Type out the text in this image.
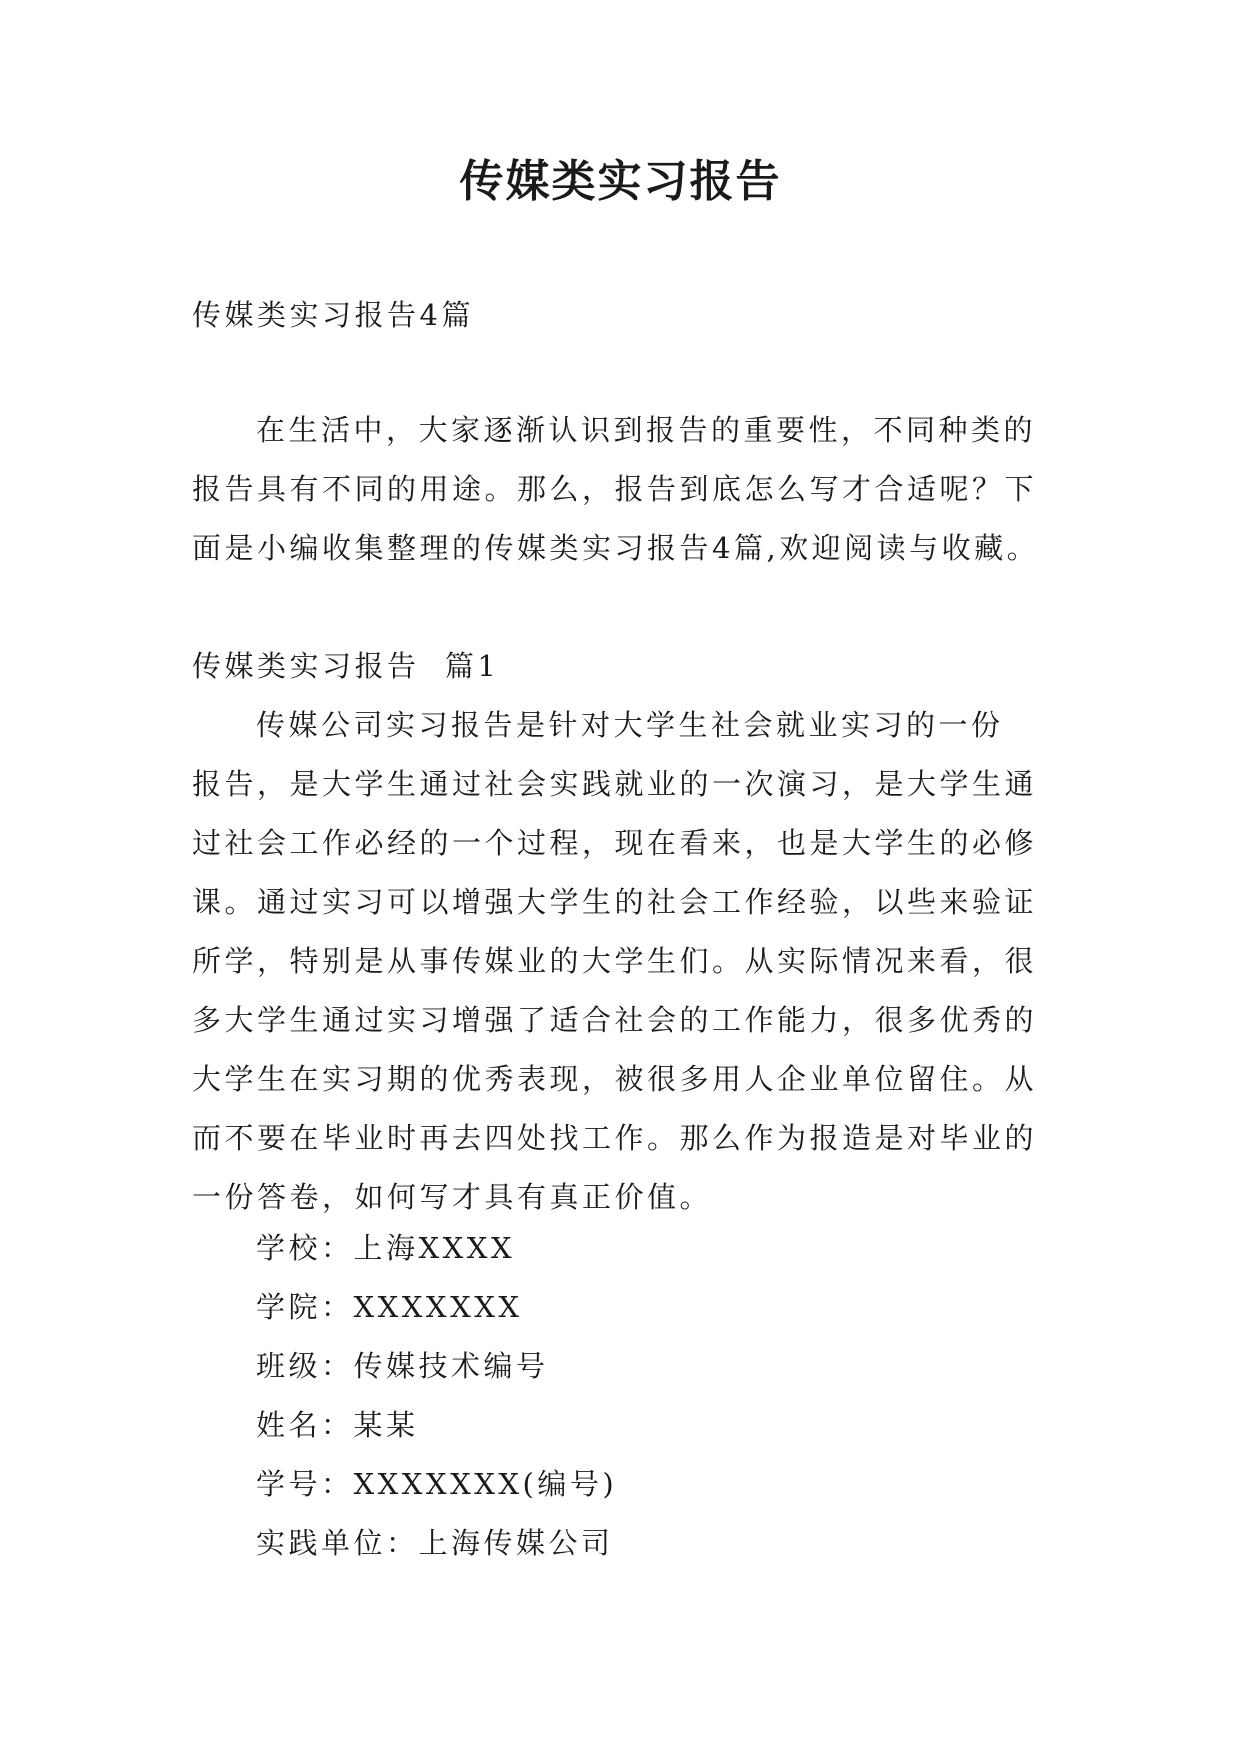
传媒类实习报告
传媒类实习报告4篇
在生活中，大家逐渐认识到报告的重要性，不同种类的
报告具有不同的用途。那么，报告到底怎么写才合适呢？下
面是小编收集整理的传媒类实习报告4篇,欢迎阅读与收藏。
传媒类实习报告  篇1
传媒公司实习报告是针对大学生社会就业实习的一份
报告，是大学生通过社会实践就业的一次演习，是大学生通
过社会工作必经的一个过程，现在看来，也是大学生的必修
课。通过实习可以增强大学生的社会工作经验，以些来验证
所学，特别是从事传媒业的大学生们。从实际情况来看，很
多大学生通过实习增强了适合社会的工作能力，很多优秀的
大学生在实习期的优秀表现，被很多用人企业单位留住。从
而不要在毕业时再去四处找工作。那么作为报造是对毕业的
一份答卷，如何写才具有真正价值。
学校：上海XXXX
学院：XXXXXXX
班级：传媒技术编号
姓名：某某
学号：XXXXXXX(编号)
实践单位：上海传媒公司
